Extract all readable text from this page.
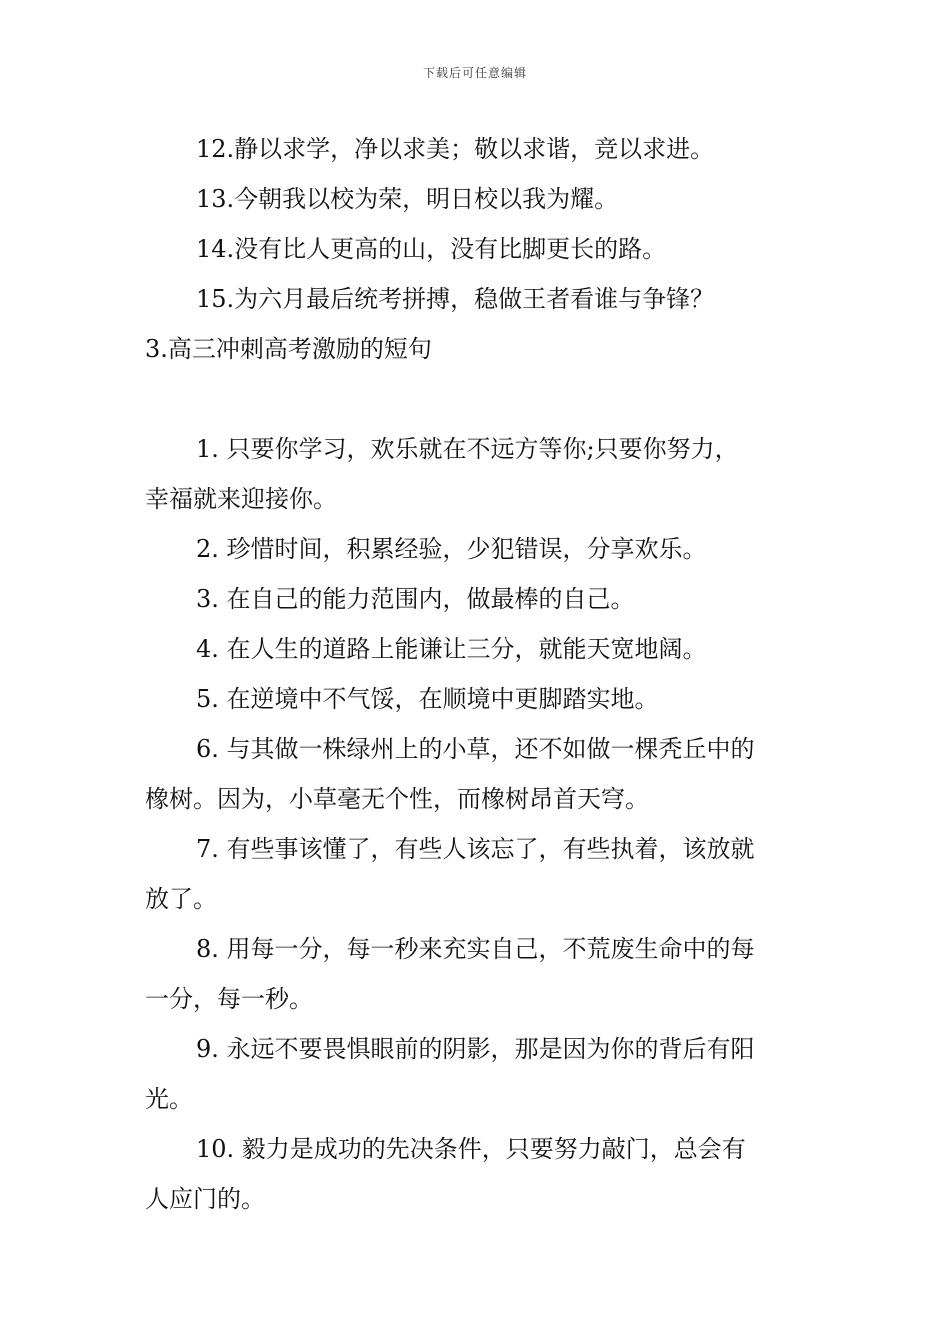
下载后可任意编辑
12.静以求学，净以求美；敬以求谐，竞以求进。
13.今朝我以校为荣，明日校以我为耀。
14.没有比人更高的山，没有比脚更长的路。
15.为六月最后统考拼搏，稳做王者看谁与争锋？
3.高三冲刺高考激励的短句
1. 只要你学习，欢乐就在不远方等你;只要你努力，
幸福就来迎接你。
2. 珍惜时间，积累经验，少犯错误，分享欢乐。
3. 在自己的能力范围内，做最棒的自己。
4. 在人生的道路上能谦让三分，就能天宽地阔。
5. 在逆境中不气馁，在顺境中更脚踏实地。
6. 与其做一株绿州上的小草，还不如做一棵秃丘中的
橡树。因为，小草毫无个性，而橡树昂首天穹。
7. 有些事该懂了，有些人该忘了，有些执着，该放就
放了。
8. 用每一分，每一秒来充实自己，不荒废生命中的每
一分，每一秒。
9. 永远不要畏惧眼前的阴影，那是因为你的背后有阳
光。
10. 毅力是成功的先决条件，只要努力敲门，总会有
人应门的。
